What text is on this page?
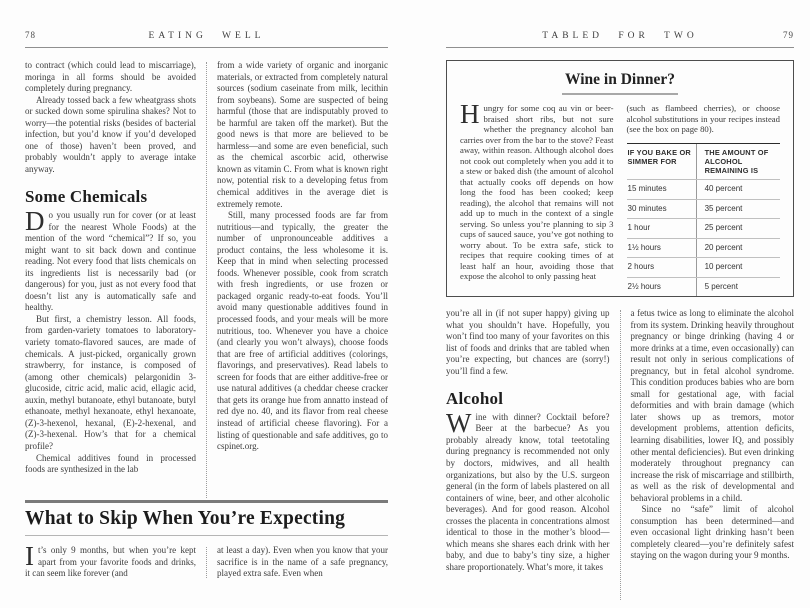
78	EATING WELL

to contract (which could lead to miscarriage), moringa in all forms should be avoided completely during pregnancy.

Already tossed back a few wheatgrass shots or sucked down some spirulina shakes? Not to worry—the potential risks (besides of bacterial infection, but you’d know if you’d developed one of those) haven’t been proved, and probably wouldn’t apply to average intake anyway.

Some Chemicals

Do you usually run for cover (or at least for the nearest Whole Foods) at the mention of the word “chemical”? If so, you might want to sit back down and continue reading. Not every food that lists chemicals on its ingredients list is necessarily bad (or dangerous) for you, just as not every food that doesn’t list any is automatically safe and healthy.

But first, a chemistry lesson. All foods, from garden-variety tomatoes to laboratory-variety tomato-flavored sauces, are made of chemicals. A just-picked, organically grown strawberry, for instance, is composed of (among other chemicals) pelargonidin 3-glucoside, citric acid, malic acid, ellagic acid, auxin, methyl butanoate, ethyl butanoate, butyl ethanoate, methyl hexanoate, ethyl hexanoate, (Z)-3-hexenol, hexanal, (E)-2-hexenal, and (Z)-3-hexenal. How’s that for a chemical profile?

Chemical additives found in processed foods are synthesized in the lab

from a wide variety of organic and inorganic materials, or extracted from completely natural sources (sodium caseinate from milk, lecithin from soybeans). Some are suspected of being harmful (those that are indisputably proved to be harmful are taken off the market). But the good news is that more are believed to be harmless—and some are even beneficial, such as the chemical ascorbic acid, otherwise known as vitamin C. From what is known right now, potential risk to a developing fetus from chemical additives in the average diet is extremely remote.

Still, many processed foods are far from nutritious—and typically, the greater the number of unpronounceable additives a product contains, the less wholesome it is. Keep that in mind when selecting processed foods. Whenever possible, cook from scratch with fresh ingredients, or use frozen or packaged organic ready-to-eat foods. You’ll avoid many questionable additives found in processed foods, and your meals will be more nutritious, too. Whenever you have a choice (and clearly you won’t always), choose foods that are free of artificial additives (colorings, flavorings, and preservatives). Read labels to screen for foods that are either additive-free or use natural additives (a cheddar cheese cracker that gets its orange hue from annatto instead of red dye no. 40, and its flavor from real cheese instead of artificial cheese flavoring). For a listing of questionable and safe additives, go to cspinet.org.

What to Skip When You’re Expecting

It’s only 9 months, but when you’re kept apart from your favorite foods and drinks, it can seem like forever (and

at least a day). Even when you know that your sacrifice is in the name of a safe pregnancy, played extra safe. Even when

TABLED FOR TWO	79
Wine in Dinner?

Hungry for some coq au vin or beer-braised short ribs, but not sure whether the pregnancy alcohol ban carries over from the bar to the stove? Feast away, within reason. Although alcohol does not cook out completely when you add it to a stew or baked dish (the amount of alcohol that actually cooks off depends on how long the food has been cooked; keep reading), the alcohol that remains will not add up to much in the context of a single serving. So unless you’re planning to sip 3 cups of sauced sauce, you’ve got nothing to worry about. To be extra safe, stick to recipes that require cooking times of at least half an hour, avoiding those that expose the alcohol to only passing heat

(such as flambeed cherries), or choose alcohol substitutions in your recipes instead (see the box on page 80).

IF YOU BAKE OR SIMMER FOR
THE AMOUNT OF ALCOHOL REMAINING IS
15 minutes	40 percent
30 minutes	35 percent
1 hour	25 percent
1½ hours	20 percent
2 hours	10 percent
2½ hours	5 percent

you’re all in (if not super happy) giving up what you shouldn’t have. Hopefully, you won’t find too many of your favorites on this list of foods and drinks that are tabled when you’re expecting, but chances are (sorry!) you’ll find a few.

Alcohol

Wine with dinner? Cocktail before? Beer at the barbecue? As you probably already know, total teetotaling during pregnancy is recommended not only by doctors, midwives, and all health organizations, but also by the U.S. surgeon general (in the form of labels plastered on all containers of wine, beer, and other alcoholic beverages). And for good reason. Alcohol crosses the placenta in concentrations almost identical to those in the mother’s blood—which means she shares each drink with her baby, and due to baby’s tiny size, a higher share proportionately. What’s more, it takes

a fetus twice as long to eliminate the alcohol from its system. Drinking heavily throughout pregnancy or binge drinking (having 4 or more drinks at a time, even occasionally) can result not only in serious complications of pregnancy, but in fetal alcohol syndrome. This condition produces babies who are born small for gestational age, with facial deformities and with brain damage (which later shows up as tremors, motor development problems, attention deficits, learning disabilities, lower IQ, and possibly other mental deficiencies). But even drinking moderately throughout pregnancy can increase the risk of miscarriage and stillbirth, as well as the risk of developmental and behavioral problems in a child.

Since no “safe” limit of alcohol consumption has been determined—and even occasional light drinking hasn’t been completely cleared—you’re definitely safest staying on the wagon during your 9 months.
